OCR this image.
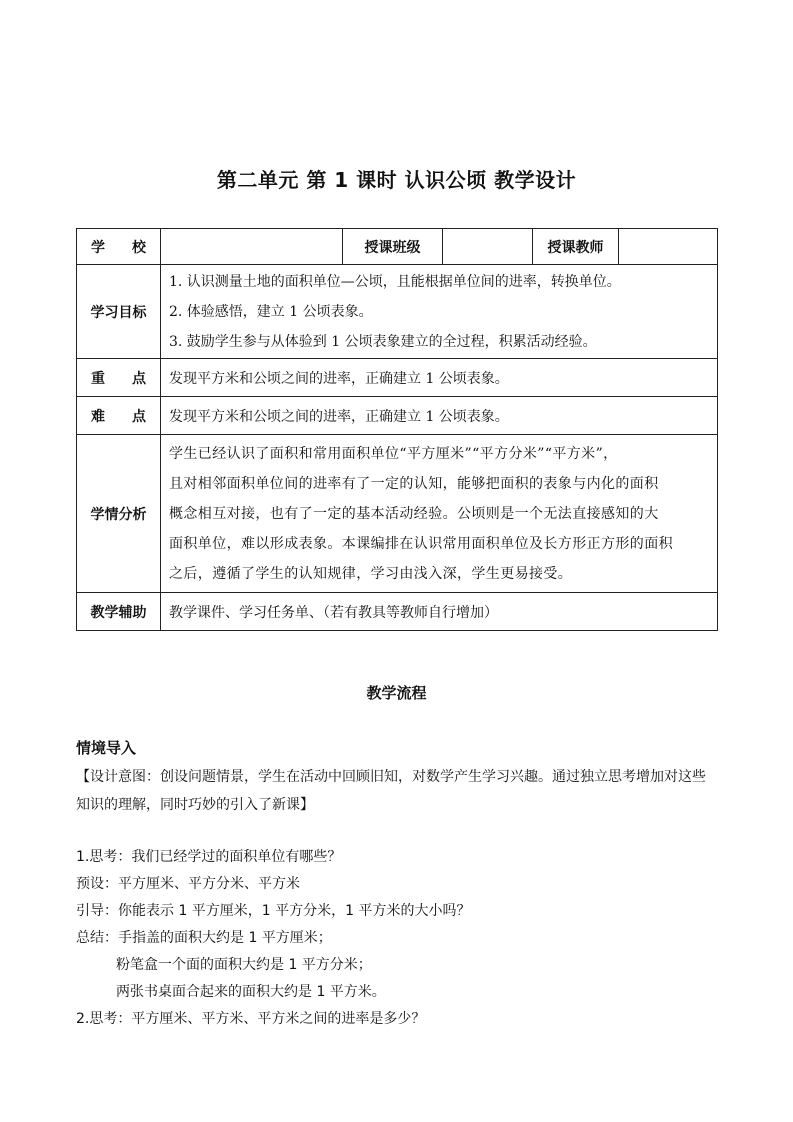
第二单元 第 1 课时 认识公顷 教学设计
学 校		授课班级		授课教师	
学习目标	1. 认识测量土地的面积单位—公顷，且能根据单位间的进率，转换单位。
2. 体验感悟，建立 1 公顷表象。
3. 鼓励学生参与从体验到 1 公顷表象建立的全过程，积累活动经验。				

重 点	发现平方米和公顷之间的进率，正确建立 1 公顷表象。				

难 点	发现平方米和公顷之间的进率，正确建立 1 公顷表象。				
学情分析	学生已经认识了面积和常用面积单位“平方厘米”“平方分米”“平方米”，
且对相邻面积单位间的进率有了一定的认知，能够把面积的表象与内化的面积
概念相互对接，也有了一定的基本活动经验。公顷则是一个无法直接感知的大
面积单位，难以形成表象。本课编排在认识常用面积单位及长方形正方形的面积
之后，遵循了学生的认知规律，学习由浅入深，学生更易接受。				

教学辅助	教学课件、学习任务单、（若有教具等教师自行增加）				
教学流程
情境导入
【设计意图：创设问题情景，学生在活动中回顾旧知，对数学产生学习兴趣。通过独立思考增加对这些知识的理解，同时巧妙的引入了新课】
1.思考：我们已经学过的面积单位有哪些？
预设：平方厘米、平方分米、平方米
引导：你能表示 1 平方厘米，1 平方分米，1 平方米的大小吗？
总结：手指盖的面积大约是 1 平方厘米；
粉笔盒一个面的面积大约是 1 平方分米；
两张书桌面合起来的面积大约是 1 平方米。
2.思考：平方厘米、平方米、平方米之间的进率是多少？
